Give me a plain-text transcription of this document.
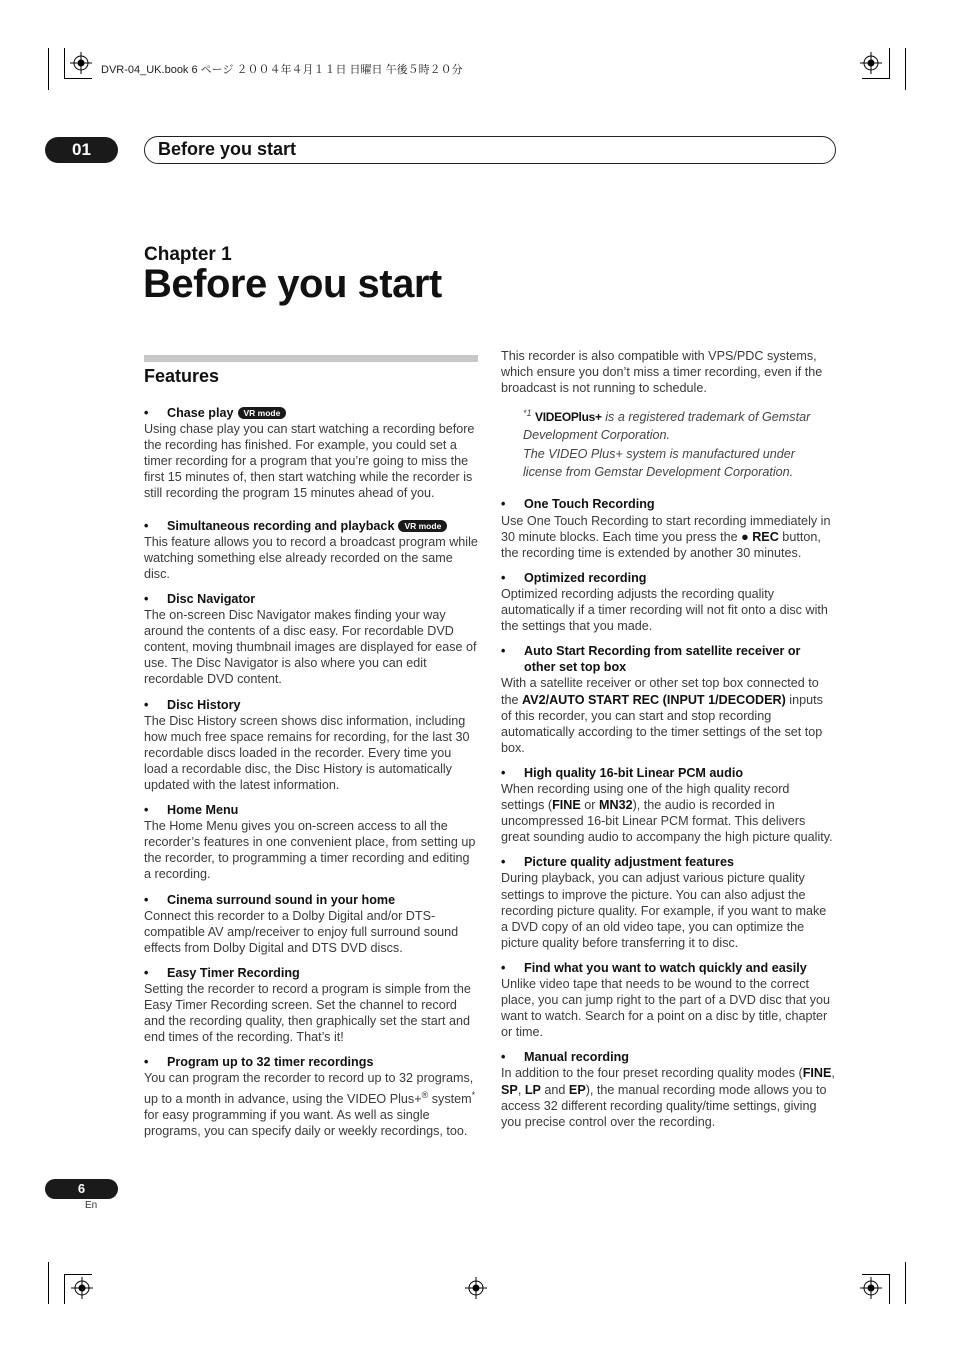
DVR-04_UK.book 6 ページ ２００４年４月１１日 日曜日 午後５時２０分
01	Before you start
Chapter 1
Before you start
Features

• Chase play VR mode

Using chase play you can start watching a recording before the recording has finished. For example, you could set a timer recording for a program that you’re going to miss the first 15 minutes of, then start watching while the recorder is still recording the program 15 minutes ahead of you.

• Simultaneous recording and playback VR mode

This feature allows you to record a broadcast program while watching something else already recorded on the same disc.

• Disc Navigator

The on-screen Disc Navigator makes finding your way around the contents of a disc easy. For recordable DVD content, moving thumbnail images are displayed for ease of use. The Disc Navigator is also where you can edit recordable DVD content.

• Disc History

The Disc History screen shows disc information, including how much free space remains for recording, for the last 30 recordable discs loaded in the recorder. Every time you load a recordable disc, the Disc History is automatically updated with the latest information.

• Home Menu

The Home Menu gives you on-screen access to all the recorder’s features in one convenient place, from setting up the recorder, to programming a timer recording and editing a recording.

• Cinema surround sound in your home

Connect this recorder to a Dolby Digital and/or DTS-compatible AV amp/receiver to enjoy full surround sound effects from Dolby Digital and DTS DVD discs.

• Easy Timer Recording

Setting the recorder to record a program is simple from the Easy Timer Recording screen. Set the channel to record and the recording quality, then graphically set the start and end times of the recording. That’s it!

• Program up to 32 timer recordings

You can program the recorder to record up to 32 programs, up to a month in advance, using the VIDEO Plus+® system* for easy programming if you want. As well as single programs, you can specify daily or weekly recordings, too.

This recorder is also compatible with VPS/PDC systems, which ensure you don’t miss a timer recording, even if the broadcast is not running to schedule.

$^{*1}$ VIDEOPlus+ is a registered trademark of Gemstar Development Corporation.

The VIDEO Plus+ system is manufactured under license from Gemstar Development Corporation.

• One Touch Recording

Use One Touch Recording to start recording immediately in 30 minute blocks. Each time you press the ● REC button, the recording time is extended by another 30 minutes.

• Optimized recording

Optimized recording adjusts the recording quality automatically if a timer recording will not fit onto a disc with the settings that you made.

• Auto Start Recording from satellite receiver or other set top box

With a satellite receiver or other set top box connected to the AV2/AUTO START REC (INPUT 1/DECODER) inputs of this recorder, you can start and stop recording automatically according to the timer settings of the set top box.

• High quality 16-bit Linear PCM audio

When recording using one of the high quality record settings (FINE or MN32), the audio is recorded in uncompressed 16-bit Linear PCM format. This delivers great sounding audio to accompany the high picture quality.

• Picture quality adjustment features

During playback, you can adjust various picture quality settings to improve the picture. You can also adjust the recording picture quality. For example, if you want to make a DVD copy of an old video tape, you can optimize the picture quality before transferring it to disc.

• Find what you want to watch quickly and easily

Unlike video tape that needs to be wound to the correct place, you can jump right to the part of a DVD disc that you want to watch. Search for a point on a disc by title, chapter or time.

• Manual recording

In addition to the four preset recording quality modes (FINE, SP, LP and EP), the manual recording mode allows you to access 32 different recording quality/time settings, giving you precise control over the recording.

6
En
